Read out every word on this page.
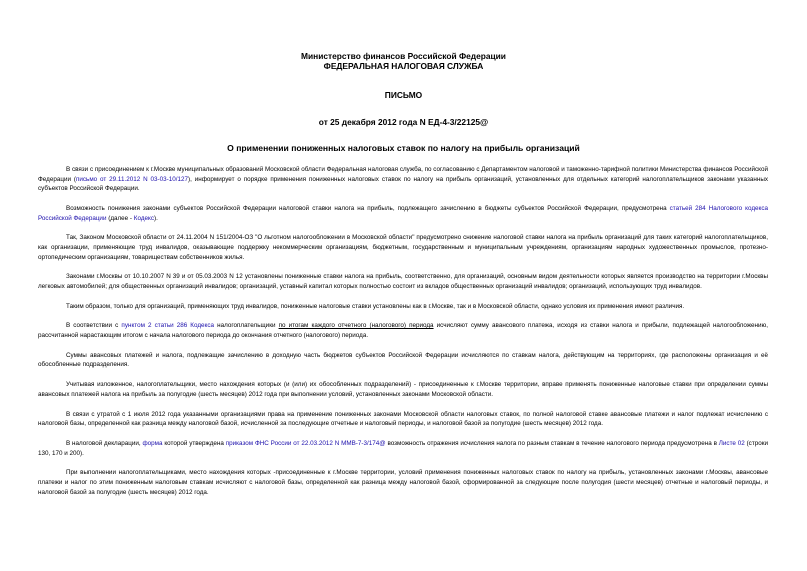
Министерство финансов Российской Федерации
ФЕДЕРАЛЬНАЯ НАЛОГОВАЯ СЛУЖБА
ПИСЬМО
от 25 декабря 2012 года N ЕД-4-3/22125@
О применении пониженных налоговых ставок по налогу на прибыль организаций

В связи с присоединением к г.Москве муниципальных образований Московской области Федеральная налоговая служба, по согласованию с Департаментом налоговой и таможенно-тарифной политики Министерства финансов Российской Федерации (письмо от 29.11.2012 N 03-03-10/127), информирует о порядке применения пониженных налоговых ставок по налогу на прибыль организаций, установленных для отдельных категорий налогоплательщиков законами указанных субъектов Российской Федерации.

Возможность понижения законами субъектов Российской Федерации налоговой ставки налога на прибыль, подлежащего зачислению в бюджеты субъектов Российской Федерации, предусмотрена статьей 284 Налогового кодекса Российской Федерации (далее - Кодекс).

Так, Законом Московской области от 24.11.2004 N 151/2004-ОЗ "О льготном налогообложении в Московской области" предусмотрено снижение налоговой ставки налога на прибыль организаций для таких категорий налогоплательщиков, как организации, применяющие труд инвалидов, оказывающие поддержку некоммерческим организациям, бюджетным, государственным и муниципальным учреждениям, организациям народных художественных промыслов, протезно-ортопедическим организациям, товариществам собственников жилья.

Законами г.Москвы от 10.10.2007 N 39 и от 05.03.2003 N 12 установлены пониженные ставки налога на прибыль, соответственно, для организаций, основным видом деятельности которых является производство на территории г.Москвы легковых автомобилей; для общественных организаций инвалидов; организаций, уставный капитал которых полностью состоит из вкладов общественных организаций инвалидов; организаций, использующих труд инвалидов.

Таким образом, только для организаций, применяющих труд инвалидов, пониженные налоговые ставки установлены как в г.Москве, так и в Московской области, однако условия их применения имеют различия.

В соответствии с пунктом 2 статьи 286 Кодекса налогоплательщики по итогам каждого отчетного (налогового) периода исчисляют сумму авансового платежа, исходя из ставки налога и прибыли, подлежащей налогообложению, рассчитанной нарастающим итогом с начала налогового периода до окончания отчетного (налогового) периода.

Суммы авансовых платежей и налога, подлежащие зачислению в доходную часть бюджетов субъектов Российской Федерации исчисляются по ставкам налога, действующим на территориях, где расположены организация и её обособленные подразделения.

Учитывая изложенное, налогоплательщики, место нахождения которых (и (или) их обособленных подразделений) - присоединенные к г.Москве территории, вправе применять пониженные налоговые ставки при определении суммы авансовых платежей налога на прибыль за полугодие (шесть месяцев) 2012 года при выполнении условий, установленных законами Московской области.

В связи с утратой с 1 июля 2012 года указанными организациями права на применение пониженных законами Московской области налоговых ставок, по полной налоговой ставке авансовые платежи и налог подлежат исчислению с налоговой базы, определенной как разница между налоговой базой, исчисленной за последующие отчетные и налоговый периоды, и налоговой базой за полугодие (шесть месяцев) 2012 года.

В налоговой декларации, форма которой утверждена приказом ФНС России от 22.03.2012 N ММВ-7-3/174@ возможность отражения исчисления налога по разным ставкам в течение налогового периода предусмотрена в Листе 02 (строки 130, 170 и 200).

При выполнении налогоплательщиками, место нахождения которых -присоединенные к г.Москве территории, условий применения пониженных налоговых ставок по налогу на прибыль, установленных законами г.Москвы, авансовые платежи и налог по этим пониженным налоговым ставкам исчисляют с налоговой базы, определенной как разница между налоговой базой, сформированной за следующие после полугодия (шести месяцев) отчетные и налоговый периоды, и налоговой базой за полугодие (шесть месяцев) 2012 года.
